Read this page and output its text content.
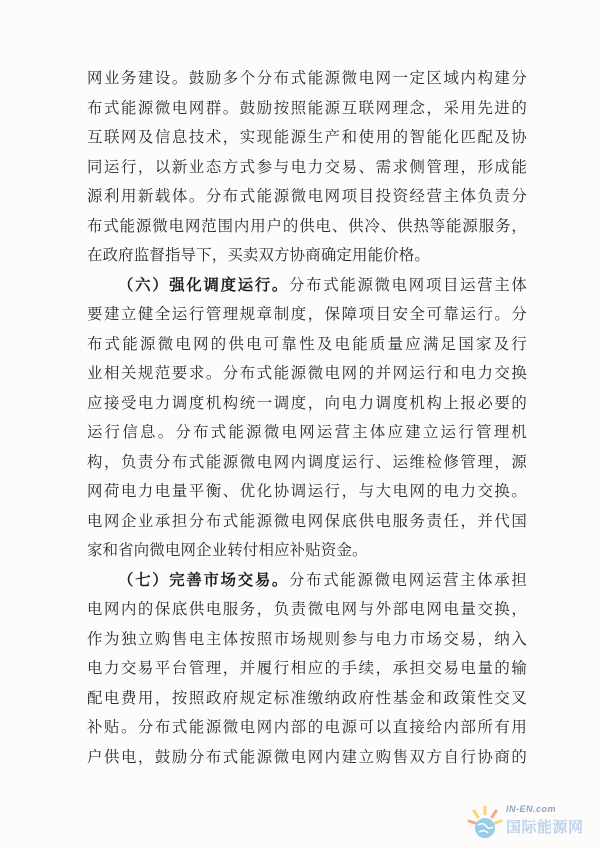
网业务建设。鼓励多个分布式能源微电网一定区域内构建分
布式能源微电网群。鼓励按照能源互联网理念，采用先进的
互联网及信息技术，实现能源生产和使用的智能化匹配及协
同运行，以新业态方式参与电力交易、需求侧管理，形成能
源利用新载体。分布式能源微电网项目投资经营主体负责分
布式能源微电网范围内用户的供电、供冷、供热等能源服务，
在政府监督指导下，买卖双方协商确定用能价格。
（六）强化调度运行。分布式能源微电网项目运营主体
要建立健全运行管理规章制度，保障项目安全可靠运行。分
布式能源微电网的供电可靠性及电能质量应满足国家及行
业相关规范要求。分布式能源微电网的并网运行和电力交换
应接受电力调度机构统一调度，向电力调度机构上报必要的
运行信息。分布式能源微电网运营主体应建立运行管理机
构，负责分布式能源微电网内调度运行、运维检修管理，源
网荷电力电量平衡、优化协调运行，与大电网的电力交换。
电网企业承担分布式能源微电网保底供电服务责任，并代国
家和省向微电网企业转付相应补贴资金。
（七）完善市场交易。分布式能源微电网运营主体承担
电网内的保底供电服务，负责微电网与外部电网电量交换，
作为独立购售电主体按照市场规则参与电力市场交易，纳入
电力交易平台管理，并履行相应的手续，承担交易电量的输
配电费用，按照政府规定标准缴纳政府性基金和政策性交叉
补贴。分布式能源微电网内部的电源可以直接给内部所有用
户供电，鼓励分布式能源微电网内建立购售双方自行协商的
IN-EN.com
国际能源网
